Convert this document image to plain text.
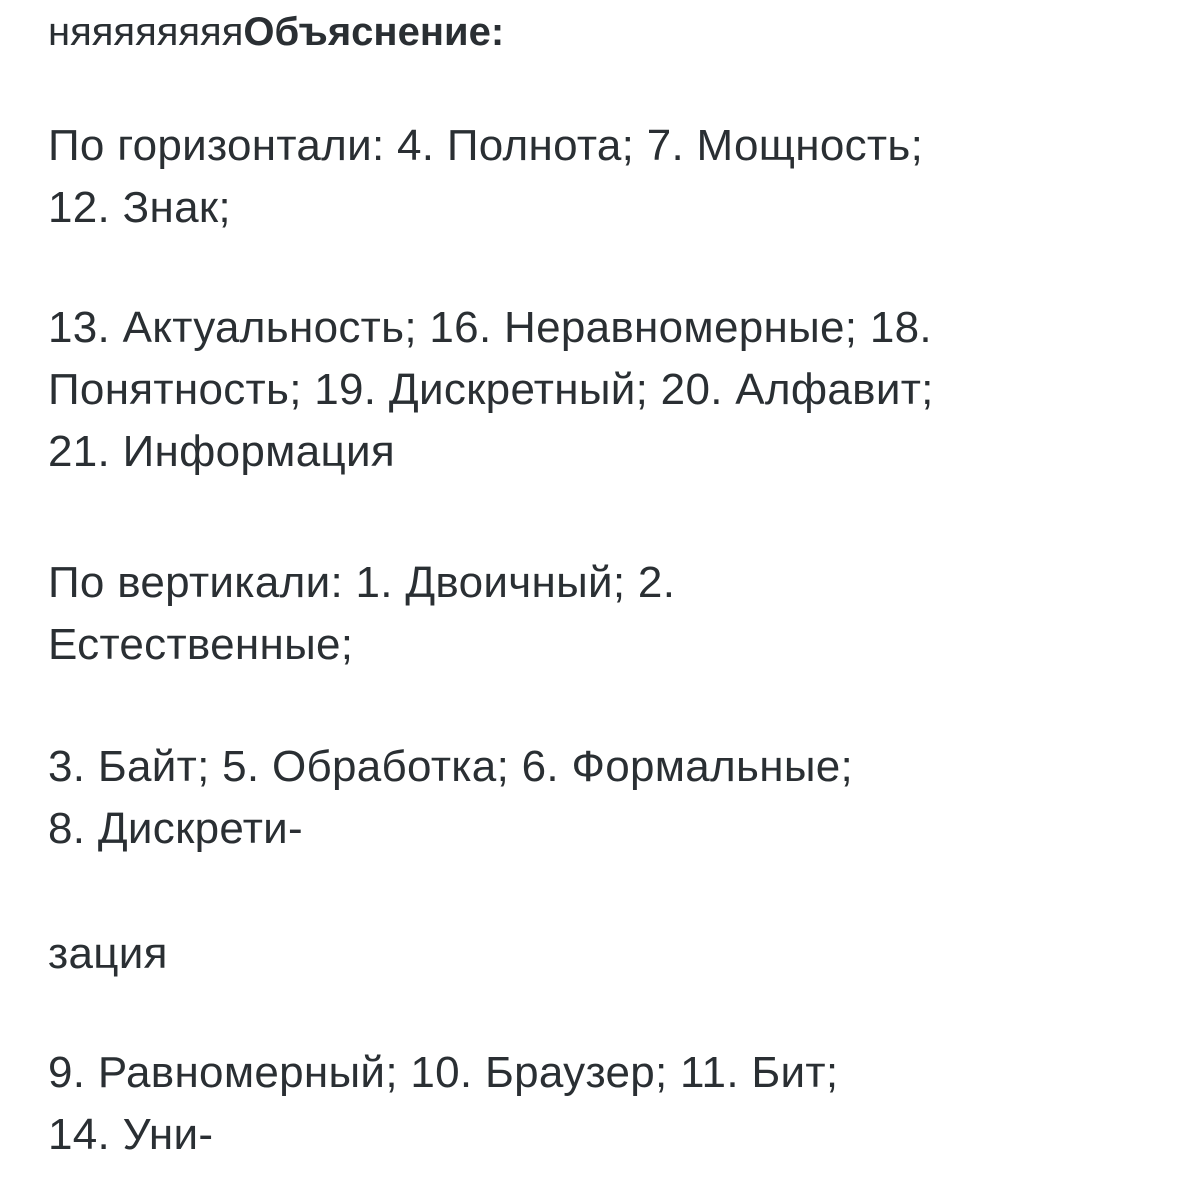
няяяяяяяяОбъяснение:
По горизонтали: 4. Полнота; 7. Мощность;
12. Знак;
13. Актуальность; 16. Неравномерные; 18.
Понятность; 19. Дискретный; 20. Алфавит;
21. Информация
По вертикали: 1. Двоичный; 2.
Естественные;
3. Байт; 5. Обработка; 6. Формальные;
8. Дискрети-
зация
9. Равномерный; 10. Браузер; 11. Бит;
14. Уни-
